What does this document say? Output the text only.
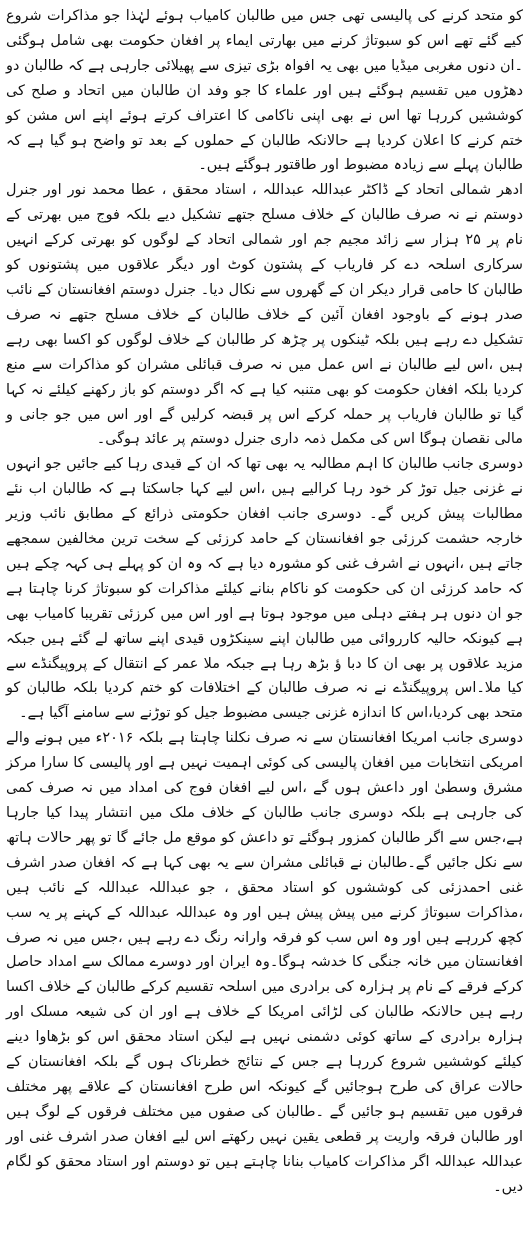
کو متحد کرنے کی پالیسی تھی جس میں طالبان کامیاب ہوئے لہٰذا جو مذاکرات شروع کیے گئے تھے اس کو سبوتاژ کرنے میں بھارتی ایماء پر افغان حکومت بھی شامل ہوگئی ۔ان دنوں مغربی میڈیا میں بھی یہ افواہ بڑی تیزی سے پھیلائی جارہی ہے کہ طالبان دو دھڑوں میں تقسیم ہوگئے ہیں اور علماء کا جو وفد ان طالبان میں اتحاد و صلح کی کوششیں کررہا تھا اس نے بھی اپنی ناکامی کا اعتراف کرتے ہوئے اپنے اس مشن کو ختم کرنے کا اعلان کردیا ہے حالانکہ طالبان کے حملوں کے بعد تو واضح ہو گیا ہے کہ طالبان پہلے سے زیادہ مضبوط اور طاقتور ہوگئے ہیں۔

ادھر شمالی اتحاد کے ڈاکٹر عبداللہ عبداللہ ، استاد محقق ، عطا محمد نور اور جنرل دوستم نے نہ صرف طالبان کے خلاف مسلح جتھے تشکیل دیے بلکہ فوج میں بھرتی کے نام پر ۲۵ ہزار سے زائد مجیم جم اور شمالی اتحاد کے لوگوں کو بھرتی کرکے انہیں سرکاری اسلحہ دے کر فاریاب کے پشتون کوٹ اور دیگر علاقوں میں پشتونوں کو طالبان کا حامی قرار دیکر ان کے گھروں سے نکال دیا۔ جنرل دوستم افغانستان کے نائب صدر ہونے کے باوجود افغان آئین کے خلاف طالبان کے خلاف مسلح جتھے نہ صرف تشکیل دے رہے ہیں بلکہ ٹینکوں پر چڑھ کر طالبان کے خلاف لوگوں کو اکسا بھی رہے ہیں ،اس لیے طالبان نے اس عمل میں نہ صرف قبائلی مشران کو مذاکرات سے منع کردیا بلکہ افغان حکومت کو بھی متنبہ کیا ہے کہ اگر دوستم کو باز رکھنے کیلئے نہ کہا گیا تو طالبان فاریاب پر حملہ کرکے اس پر قبضہ کرلیں گے اور اس میں جو جانی و مالی نقصان ہوگا اس کی مکمل ذمہ داری جنرل دوستم پر عائد ہوگی۔

دوسری جانب طالبان کا اہم مطالبہ یہ بھی تھا کہ ان کے قیدی رہا کیے جائیں جو انہوں نے غزنی جیل توڑ کر خود رہا کرالیے ہیں ،اس لیے کہا جاسکتا ہے کہ طالبان اب نئے مطالبات پیش کریں گے۔ دوسری جانب افغان حکومتی ذرائع کے مطابق نائب وزیر خارجہ حشمت کرزئی جو افغانستان کے حامد کرزئی کے سخت ترین مخالفین سمجھے جاتے ہیں ،انہوں نے اشرف غنی کو مشورہ دیا ہے کہ وہ ان کو پہلے ہی کہہ چکے ہیں کہ حامد کرزئی ان کی حکومت کو ناکام بنانے کیلئے مذاکرات کو سبوتاژ کرنا چاہتا ہے جو ان دنوں ہر ہفتے دہلی میں موجود ہوتا ہے اور اس میں کرزئی تقریبا کامیاب بھی ہے کیونکہ حالیہ کارروائی میں طالبان اپنے سینکڑوں قیدی اپنے ساتھ لے گئے ہیں جبکہ مزید علاقوں پر بھی ان کا دبا ؤ بڑھ رہا ہے جبکہ ملا عمر کے انتقال کے پروپیگنڈے سے کیا ملا۔اس پروپیگنڈے نے نہ صرف طالبان کے اختلافات کو ختم کردیا بلکہ طالبان کو متحد بھی کردیا،اس کا اندازہ غزنی جیسی مضبوط جیل کو توڑنے سے سامنے آگیا ہے۔

دوسری جانب امریکا افغانستان سے نہ صرف نکلنا چاہتا ہے بلکہ ۲۰۱۶ء میں ہونے والے امریکی انتخابات میں افغان پالیسی کی کوئی اہمیت نہیں ہے اور پالیسی کا سارا مرکز مشرق وسطیٰ اور داعش ہوں گے ،اس لیے افغان فوج کی امداد میں نہ صرف کمی کی جارہی ہے بلکہ دوسری جانب طالبان کے خلاف ملک میں انتشار پیدا کیا جارہا ہے،جس سے اگر طالبان کمزور ہوگئے تو داعش کو موقع مل جائے گا تو پھر حالات ہاتھ سے نکل جائیں گے۔طالبان نے قبائلی مشران سے یہ بھی کہا ہے کہ افغان صدر اشرف غنی احمدزئی کی کوششوں کو استاد محقق ، جو عبداللہ عبداللہ کے نائب ہیں ،مذاکرات سبوتاژ کرنے میں پیش پیش ہیں اور وہ عبداللہ عبداللہ کے کہنے پر یہ سب کچھ کررہے ہیں اور وہ اس سب کو فرقہ وارانہ رنگ دے رہے ہیں ،جس میں نہ صرف افغانستان میں خانہ جنگی کا خدشہ ہوگا۔وہ ایران اور دوسرے ممالک سے امداد حاصل کرکے فرقے کے نام پر ہزارہ کی برادری میں اسلحہ تقسیم کرکے طالبان کے خلاف اکسا رہے ہیں حالانکہ طالبان کی لڑائی امریکا کے خلاف ہے اور ان کی شیعہ مسلک اور ہزارہ برادری کے ساتھ کوئی دشمنی نہیں ہے لیکن استاد محقق اس کو بڑھاوا دینے کیلئے کوششیں شروع کررہا ہے جس کے نتائج خطرناک ہوں گے بلکہ افغانستان کے حالات عراق کی طرح ہوجائیں گے کیونکہ اس طرح افغانستان کے علاقے پھر مختلف فرقوں میں تقسیم ہو جائیں گے ۔طالبان کی صفوں میں مختلف فرقوں کے لوگ ہیں اور طالبان فرقہ واریت پر قطعی یقین نہیں رکھتے اس لیے افغان صدر اشرف غنی اور عبداللہ عبداللہ اگر مذاکرات کامیاب بنانا چاہتے ہیں تو دوستم اور استاد محقق کو لگام دیں۔
